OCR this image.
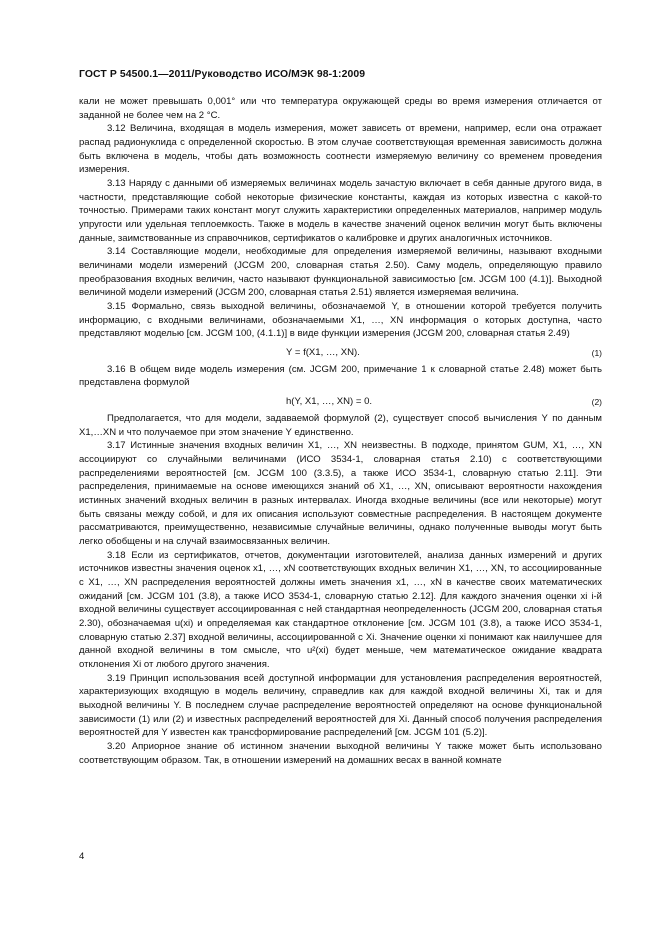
ГОСТ Р 54500.1—2011/Руководство ИСО/МЭК 98-1:2009

кали не может превышать 0,001° или что температура окружающей среды во время измерения отличается от заданной не более чем на 2 °С.

3.12 Величина, входящая в модель измерения, может зависеть от времени, например, если она отражает распад радионуклида с определенной скоростью. В этом случае соответствующая временная зависимость должна быть включена в модель, чтобы дать возможность соотнести измеряемую величину со временем проведения измерения.

3.13 Наряду с данными об измеряемых величинах модель зачастую включает в себя данные другого вида, в частности, представляющие собой некоторые физические константы, каждая из которых известна с какой-то точностью. Примерами таких констант могут служить характеристики определенных материалов, например модуль упругости или удельная теплоемкость. Также в модель в качестве значений оценок величин могут быть включены данные, заимствованные из справочников, сертификатов о калибровке и других аналогичных источников.

3.14 Составляющие модели, необходимые для определения измеряемой величины, называют входными величинами модели измерений (JCGM 200, словарная статья 2.50). Саму модель, определяющую правило преобразования входных величин, часто называют функциональной зависимостью [см. JCGM 100 (4.1)]. Выходной величиной модели измерений (JCGM 200, словарная статья 2.51) является измеряемая величина.

3.15 Формально, связь выходной величины, обозначаемой Y, в отношении которой требуется получить информацию, с входными величинами, обозначаемыми X1, …, XN информация о которых доступна, часто представляют моделью [см. JCGM 100, (4.1.1)] в виде функции измерения (JCGM 200, словарная статья 2.49)

Y = f(X1, …, XN).	(1)

3.16 В общем виде модель измерения (см. JCGM 200, примечание 1 к словарной статье 2.48) может быть представлена формулой

h(Y, X1, …, XN) = 0.	(2)

Предполагается, что для модели, задаваемой формулой (2), существует способ вычисления Y по данным X1,…XN и что получаемое при этом значение Y единственно.

3.17 Истинные значения входных величин X1, …, XN неизвестны. В подходе, принятом GUM, X1, …, XN ассоциируют со случайными величинами (ИСО 3534-1, словарная статья 2.10) с соответствующими распределениями вероятностей [см. JCGM 100 (3.3.5), а также ИСО 3534-1, словарную статью 2.11]. Эти распределения, принимаемые на основе имеющихся знаний об X1, …, XN, описывают вероятности нахождения истинных значений входных величин в разных интервалах. Иногда входные величины (все или некоторые) могут быть связаны между собой, и для их описания используют совместные распределения. В настоящем документе рассматриваются, преимущественно, независимые случайные величины, однако полученные выводы могут быть легко обобщены и на случай взаимосвязанных величин.

3.18 Если из сертификатов, отчетов, документации изготовителей, анализа данных измерений и других источников известны значения оценок x1, …, xN соответствующих входных величин X1, …, XN, то ассоциированные с X1, …, XN распределения вероятностей должны иметь значения x1, …, xN в качестве своих математических ожиданий [см. JCGM 101 (3.8), а также ИСО 3534-1, словарную статью 2.12]. Для каждого значения оценки xi i-й входной величины существует ассоциированная с ней стандартная неопределенность (JCGM 200, словарная статья 2.30), обозначаемая u(xi) и определяемая как стандартное отклонение [см. JCGM 101 (3.8), а также ИСО 3534-1, словарную статью 2.37] входной величины, ассоциированной с Xi. Значение оценки xi понимают как наилучшее для данной входной величины в том смысле, что u²(xi) будет меньше, чем математическое ожидание квадрата отклонения Xi от любого другого значения.

3.19 Принцип использования всей доступной информации для установления распределения вероятностей, характеризующих входящую в модель величину, справедлив как для каждой входной величины Xi, так и для выходной величины Y. В последнем случае распределение вероятностей определяют на основе функциональной зависимости (1) или (2) и известных распределений вероятностей для Xi. Данный способ получения распределения вероятностей для Y известен как трансформирование распределений [см. JCGM 101 (5.2)].

3.20 Априорное знание об истинном значении выходной величины Y также может быть использовано соответствующим образом. Так, в отношении измерений на домашних весах в ванной комнате

4
